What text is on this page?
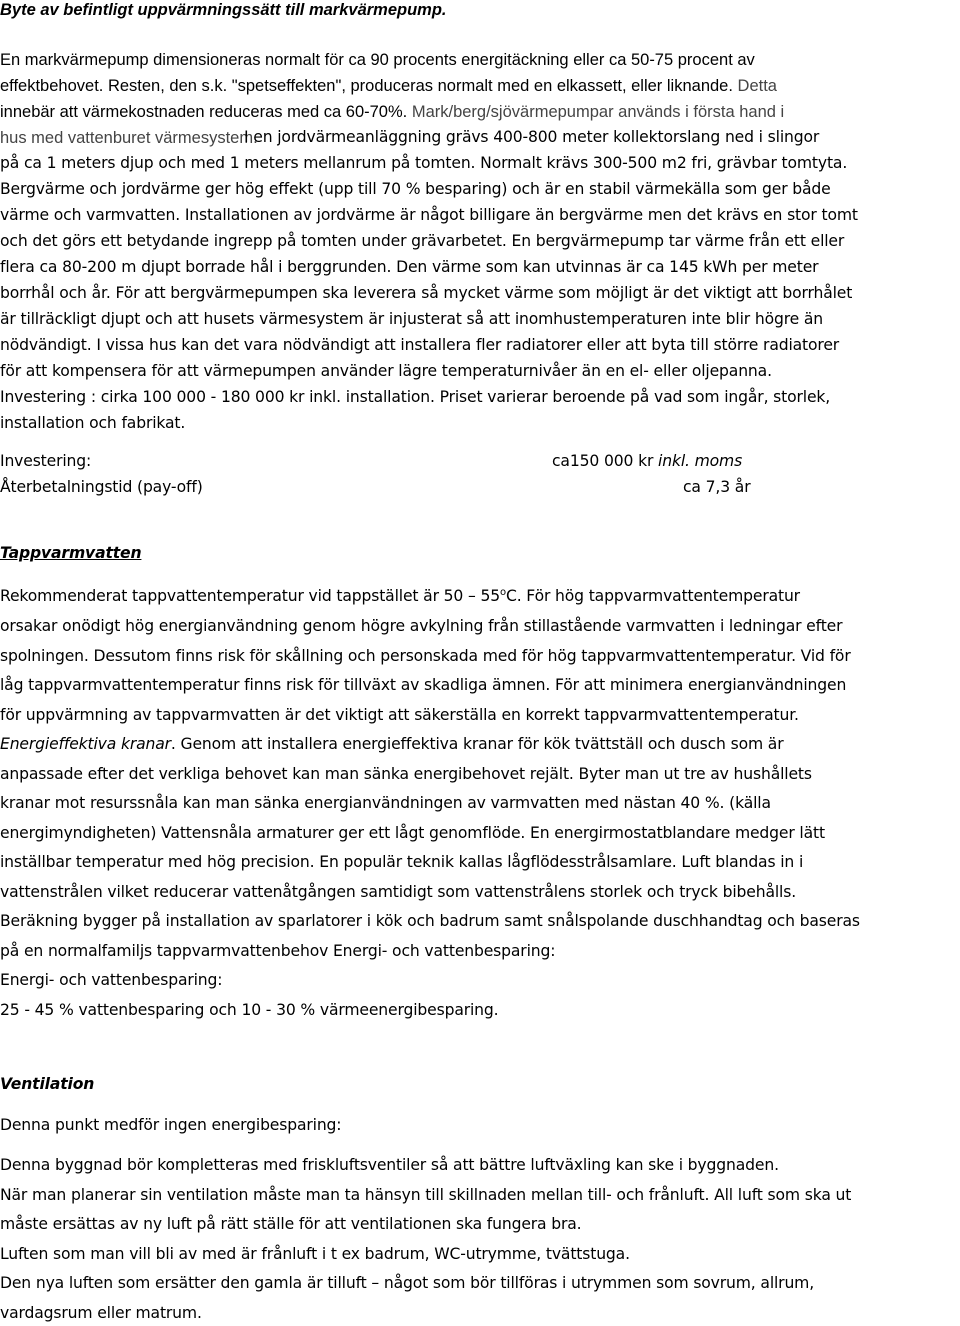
Byte av befintligt uppvärmningssätt till markvärmepump.
En markvärmepump dimensioneras normalt för ca 90 procents energitäckning eller ca 50-75 procent av
effektbehovet. Resten, den s.k. "spetseffekten", produceras normalt med en elkassett, eller liknande. Detta
innebär att värmekostnaden reduceras med ca 60-70%. Mark/berg/sjövärmepumpar används i första hand i
hus med vattenburet värmesystem.
I en jordvärmeanläggning grävs 400-800 meter kollektorslang ned i slingor
på ca 1 meters djup och med 1 meters mellanrum på tomten. Normalt krävs 300-500 m2 fri, grävbar tomtyta.
Bergvärme och jordvärme ger hög effekt (upp till 70 % besparing) och är en stabil värmekälla som ger både
värme och varmvatten. Installationen av jordvärme är något billigare än bergvärme men det krävs en stor tomt
och det görs ett betydande ingrepp på tomten under grävarbetet. En bergvärmepump tar värme från ett eller
flera ca 80-200 m djupt borrade hål i berggrunden. Den värme som kan utvinnas är ca 145 kWh per meter
borrhål och år. För att bergvärmepumpen ska leverera så mycket värme som möjligt är det viktigt att borrhålet
är tillräckligt djupt och att husets värmesystem är injusterat så att inomhustemperaturen inte blir högre än
nödvändigt. I vissa hus kan det vara nödvändigt att installera fler radiatorer eller att byta till större radiatorer
för att kompensera för att värmepumpen använder lägre temperaturnivåer än en el- eller oljepanna.
Investering : cirka 100 000 - 180 000 kr inkl. installation. Priset varierar beroende på vad som ingår, storlek,
installation och fabrikat.
Investering:	ca150 000 kr inkl. moms
Återbetalningstid (pay-off)	ca 7,3 år
Tappvarmvatten
Rekommenderat tappvattentemperatur vid tappstället är 50 – 55$^o$C. För hög tappvarmvattentemperatur
orsakar onödigt hög energianvändning genom högre avkylning från stillastående varmvatten i ledningar efter
spolningen. Dessutom finns risk för skållning och personskada med för hög tappvarmvattentemperatur. Vid för
låg tappvarmvattentemperatur finns risk för tillväxt av skadliga ämnen. För att minimera energianvändningen
för uppvärmning av tappvarmvatten är det viktigt att säkerställa en korrekt tappvarmvattentemperatur.
Energieffektiva kranar. Genom att installera energieffektiva kranar för kök tvättställ och dusch som är
anpassade efter det verkliga behovet kan man sänka energibehovet rejält. Byter man ut tre av hushållets
kranar mot resurssnåla kan man sänka energianvändningen av varmvatten med nästan 40 %. (källa
energimyndigheten) Vattensnåla armaturer ger ett lågt genomflöde. En energirmostatblandare medger lätt
inställbar temperatur med hög precision. En populär teknik kallas lågflödesstrålsamlare. Luft blandas in i
vattenstrålen vilket reducerar vattenåtgången samtidigt som vattenstrålens storlek och tryck bibehålls.
Beräkning bygger på installation av sparlatorer i kök och badrum samt snålspolande duschhandtag och baseras
på en normalfamiljs tappvarmvattenbehov Energi- och vattenbesparing:
Energi- och vattenbesparing:
25 - 45 % vattenbesparing och 10 - 30 % värmeenergibesparing.
Ventilation
Denna punkt medför ingen energibesparing:
Denna byggnad bör kompletteras med friskluftsventiler så att bättre luftväxling kan ske i byggnaden.
När man planerar sin ventilation måste man ta hänsyn till skillnaden mellan till- och frånluft. All luft som ska ut
måste ersättas av ny luft på rätt ställe för att ventilationen ska fungera bra.
Luften som man vill bli av med är frånluft i t ex badrum, WC-utrymme, tvättstuga.
Den nya luften som ersätter den gamla är tilluft – något som bör tillföras i utrymmen som sovrum, allrum,
vardagsrum eller matrum.
